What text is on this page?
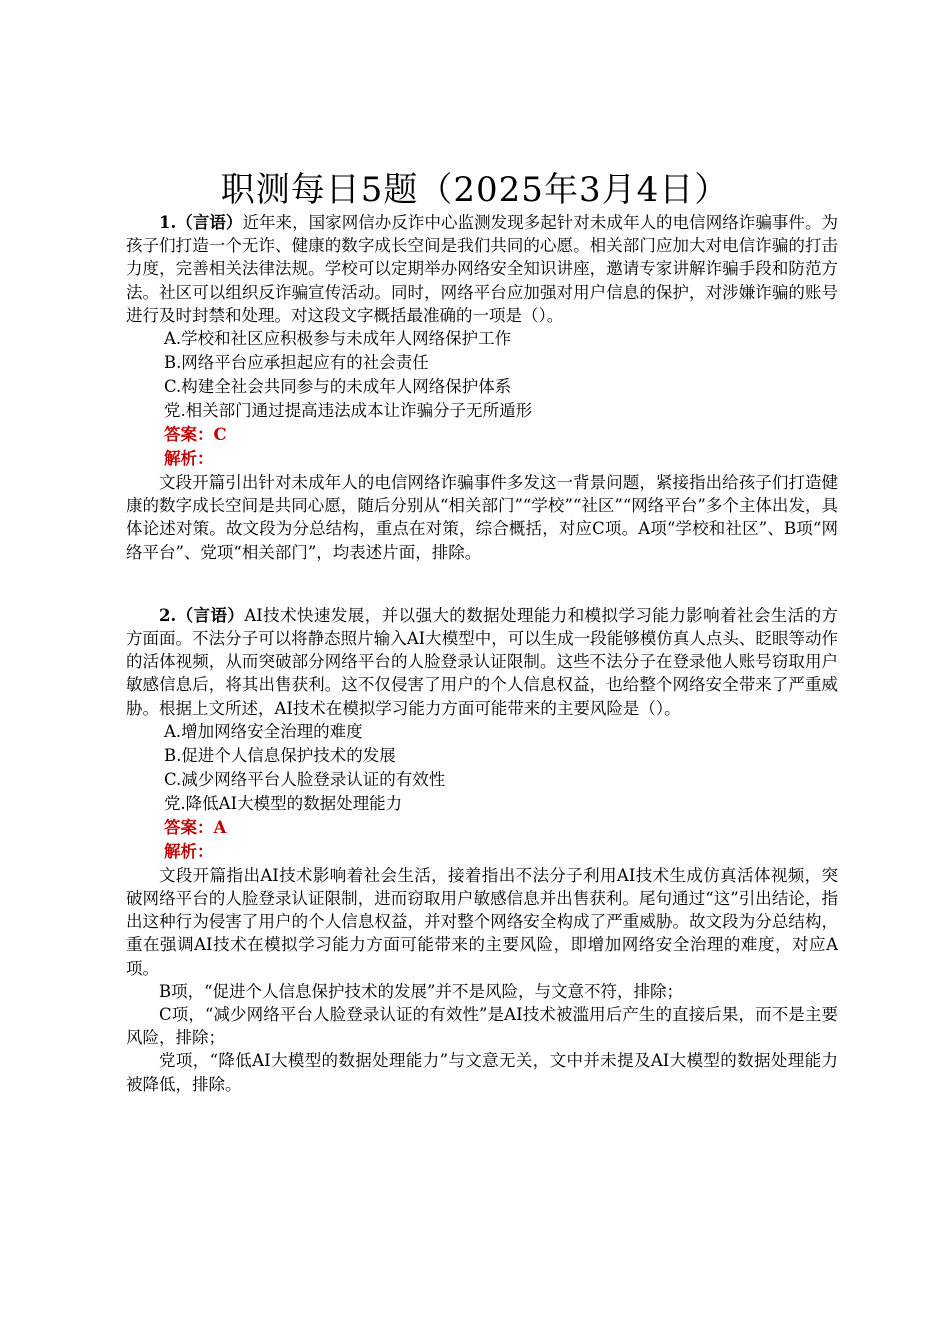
职测每日5题（2025年3月4日）

1.（言语）近年来，国家网信办反诈中心监测发现多起针对未成年人的电信网络诈骗事件。为孩子们打造一个无诈、健康的数字成长空间是我们共同的心愿。相关部门应加大对电信诈骗的打击力度，完善相关法律法规。学校可以定期举办网络安全知识讲座，邀请专家讲解诈骗手段和防范方法。社区可以组织反诈骗宣传活动。同时，网络平台应加强对用户信息的保护，对涉嫌诈骗的账号进行及时封禁和处理。对这段文字概括最准确的一项是（）。

A.学校和社区应积极参与未成年人网络保护工作

B.网络平台应承担起应有的社会责任

C.构建全社会共同参与的未成年人网络保护体系

党.相关部门通过提高违法成本让诈骗分子无所遁形

答案：C

解析：

文段开篇引出针对未成年人的电信网络诈骗事件多发这一背景问题，紧接指出给孩子们打造健康的数字成长空间是共同心愿，随后分别从“相关部门”“学校”“社区”“网络平台”多个主体出发，具体论述对策。故文段为分总结构，重点在对策，综合概括，对应C项。A项“学校和社区”、B项“网络平台”、党项“相关部门”，均表述片面，排除。

2.（言语）AI技术快速发展，并以强大的数据处理能力和模拟学习能力影响着社会生活的方方面面。不法分子可以将静态照片输入AI大模型中，可以生成一段能够模仿真人点头、眨眼等动作的活体视频，从而突破部分网络平台的人脸登录认证限制。这些不法分子在登录他人账号窃取用户敏感信息后，将其出售获利。这不仅侵害了用户的个人信息权益，也给整个网络安全带来了严重威胁。根据上文所述，AI技术在模拟学习能力方面可能带来的主要风险是（）。

A.增加网络安全治理的难度

B.促进个人信息保护技术的发展

C.减少网络平台人脸登录认证的有效性

党.降低AI大模型的数据处理能力

答案：A

解析：

文段开篇指出AI技术影响着社会生活，接着指出不法分子利用AI技术生成仿真活体视频，突破网络平台的人脸登录认证限制，进而窃取用户敏感信息并出售获利。尾句通过“这”引出结论，指出这种行为侵害了用户的个人信息权益，并对整个网络安全构成了严重威胁。故文段为分总结构，重在强调AI技术在模拟学习能力方面可能带来的主要风险，即增加网络安全治理的难度，对应A项。

B项，“促进个人信息保护技术的发展”并不是风险，与文意不符，排除；

C项，“减少网络平台人脸登录认证的有效性”是AI技术被滥用后产生的直接后果，而不是主要风险，排除；

党项，“降低AI大模型的数据处理能力”与文意无关，文中并未提及AI大模型的数据处理能力被降低，排除。
